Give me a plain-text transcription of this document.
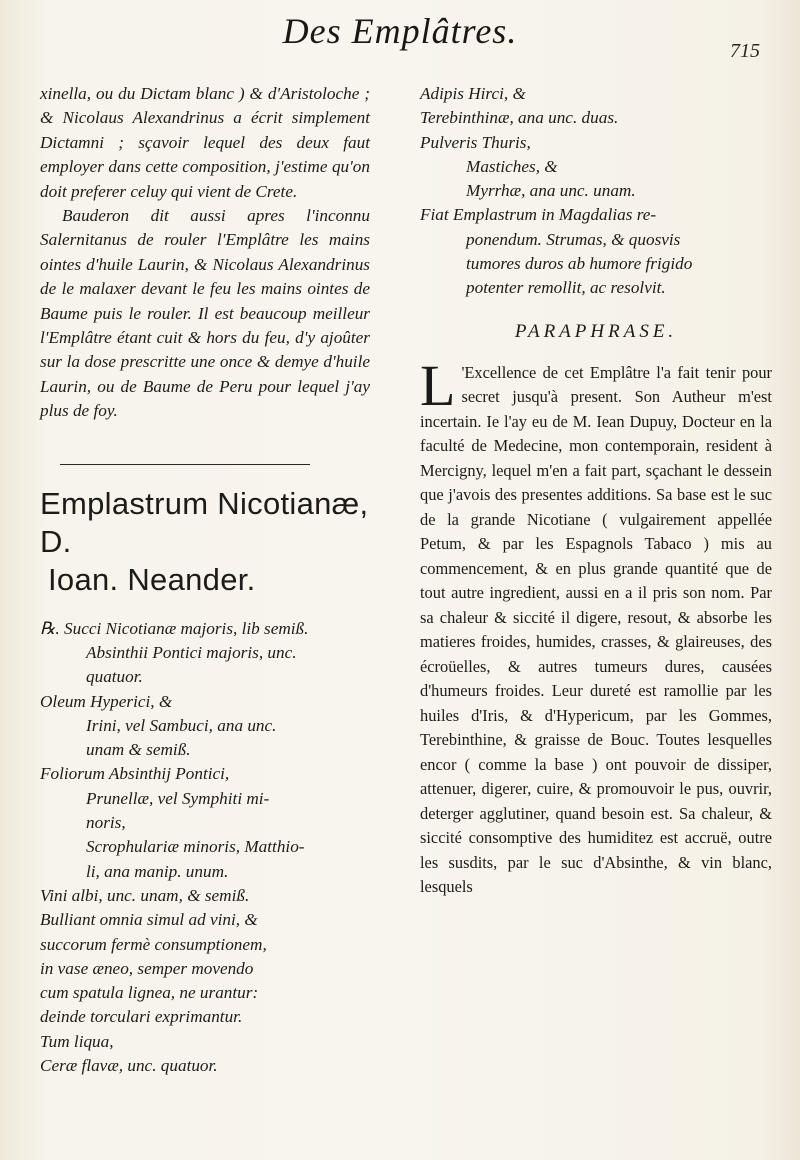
Des Emplâtres.	715

xinella, ou du Dictam blanc ) & d'Aristoloche ; & Nicolaus Alexandrinus a écrit simplement Dictamni ; sçavoir lequel des deux faut employer dans cette composition, j'estime qu'on doit preferer celuy qui vient de Crete.

Bauderon dit aussi apres l'inconnu Salernitanus de rouler l'Emplâtre les mains ointes d'huile Laurin, & Nicolaus Alexandrinus de le malaxer devant le feu les mains ointes de Baume puis le rouler. Il est beaucoup meilleur l'Emplâtre étant cuit & hors du feu, d'y ajoûter sur la dose prescritte une once & demye d'huile Laurin, ou de Baume de Peru pour lequel j'ay plus de foy.

Emplastrum Nicotianæ, D.
Ioan. Neander.
℞. Succi Nicotianæ majoris, lib semiß.
Absinthii Pontici majoris, unc.
quatuor.
Oleum Hyperici, &
Irini, vel Sambuci, ana unc.
unam & semiß.
Foliorum Absinthij Pontici,
Prunellæ, vel Symphiti mi-
noris,
Scrophulariæ minoris, Matthio-
li, ana manip. unum.
Vini albi, unc. unam, & semiß.
Bulliant omnia simul ad vini, &
succorum fermè consumptionem,
in vase æneo, semper movendo
cum spatula lignea, ne urantur:
deinde torculari exprimantur.
Tum liqua,
Ceræ flavæ, unc. quatuor.
Adipis Hirci, &
Terebinthinæ, ana unc. duas.
Pulveris Thuris,
Mastiches, &
Myrrhæ, ana unc. unam.
Fiat Emplastrum in Magdalias re-
ponendum. Strumas, & quosvis
tumores duros ab humore frigido
potenter remollit, ac resolvit.
PARAPHRASE.
L 'Excellence de cet Emplâtre l'a fait tenir pour secret jusqu'à present. Son Autheur m'est incertain. Ie l'ay eu de M. Iean Dupuy, Docteur en la faculté de Medecine, mon contemporain, resident à Mercigny, lequel m'en a fait part, sçachant le dessein que j'avois des presentes additions. Sa base est le suc de la grande Nicotiane ( vulgairement appellée Petum, & par les Espagnols Tabaco ) mis au commencement, & en plus grande quantité que de tout autre ingredient, aussi en a il pris son nom. Par sa chaleur & siccité il digere, resout, & absorbe les matieres froides, humides, crasses, & glaireuses, des écroüelles, & autres tumeurs dures, causées d'humeurs froides. Leur dureté est ramollie par les huiles d'Iris, & d'Hypericum, par les Gommes, Terebinthine, & graisse de Bouc. Toutes lesquelles encor ( comme la base ) ont pouvoir de dissiper, attenuer, digerer, cuire, & promouvoir le pus, ouvrir, deterger agglutiner, quand besoin est. Sa chaleur, & siccité consomptive des humiditez est accruë, outre les susdits, par le suc d'Absinthe, & vin blanc, lesquels
